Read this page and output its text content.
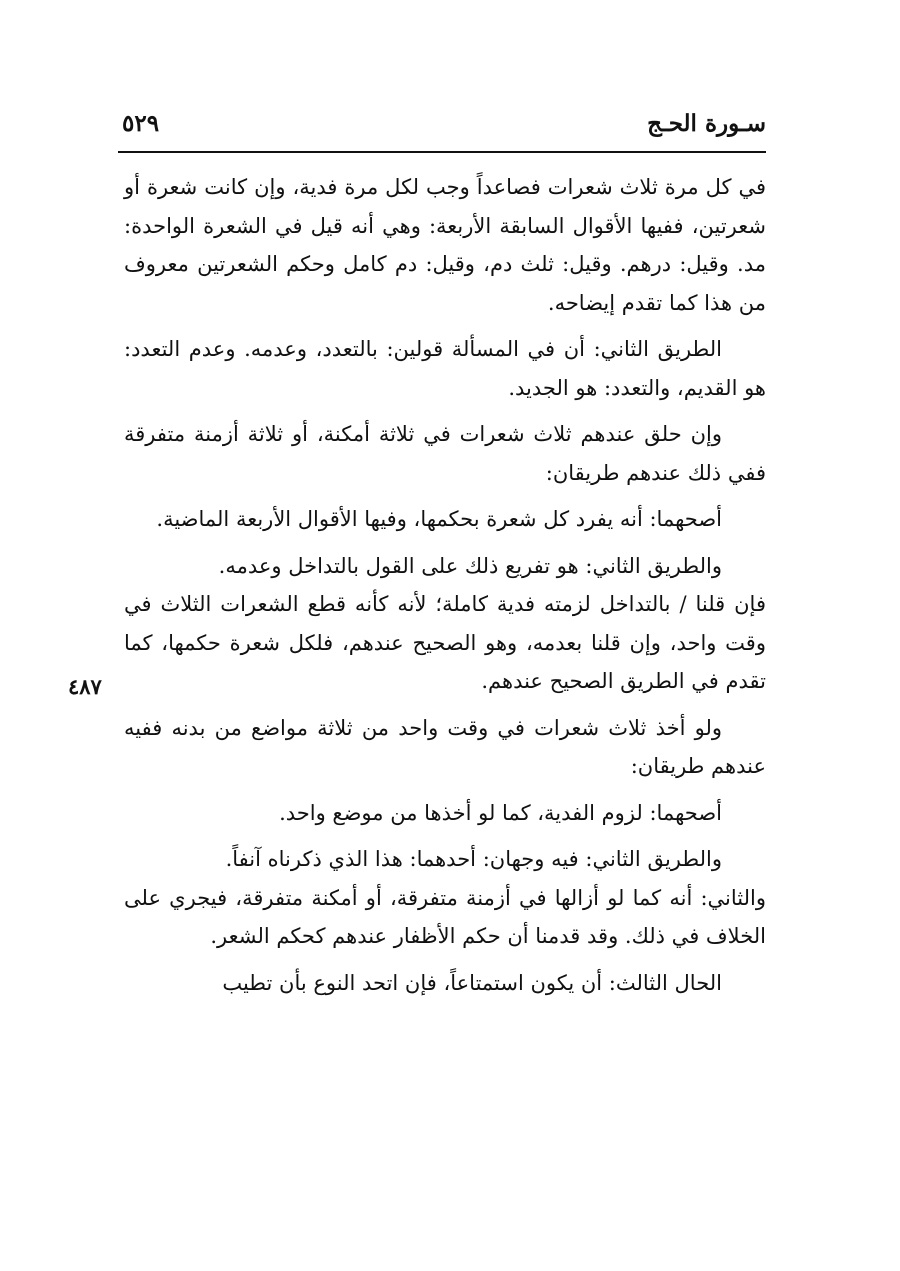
سـورة الحـج
٥٢٩
٤٨٧

في كل مرة ثلاث شعرات فصاعداً وجب لكل مرة فدية، وإن كانت شعرة أو شعرتين، ففيها الأقوال السابقة الأربعة: وهي أنه قيل في الشعرة الواحدة: مد. وقيل: درهم. وقيل: ثلث دم، وقيل: دم كامل وحكم الشعرتين معروف من هذا كما تقدم إيضاحه.

الطريق الثاني: أن في المسألة قولين: بالتعدد، وعدمه. وعدم التعدد: هو القديم، والتعدد: هو الجديد.

وإن حلق عندهم ثلاث شعرات في ثلاثة أمكنة، أو ثلاثة أزمنة متفرقة ففي ذلك عندهم طريقان:

أصحهما: أنه يفرد كل شعرة بحكمها، وفيها الأقوال الأربعة الماضية.

والطريق الثاني: هو تفريع ذلك على القول بالتداخل وعدمه.

فإن قلنا / بالتداخل لزمته فدية كاملة؛ لأنه كأنه قطع الشعرات الثلاث في وقت واحد، وإن قلنا بعدمه، وهو الصحيح عندهم، فلكل شعرة حكمها، كما تقدم في الطريق الصحيح عندهم.

ولو أخذ ثلاث شعرات في وقت واحد من ثلاثة مواضع من بدنه ففيه عندهم طريقان:

أصحهما: لزوم الفدية، كما لو أخذها من موضع واحد.

والطريق الثاني: فيه وجهان: أحدهما: هذا الذي ذكرناه آنفاً.

والثاني: أنه كما لو أزالها في أزمنة متفرقة، أو أمكنة متفرقة، فيجري على الخلاف في ذلك. وقد قدمنا أن حكم الأظفار عندهم كحكم الشعر.

الحال الثالث: أن يكون استمتاعاً، فإن اتحد النوع بأن تطيب
